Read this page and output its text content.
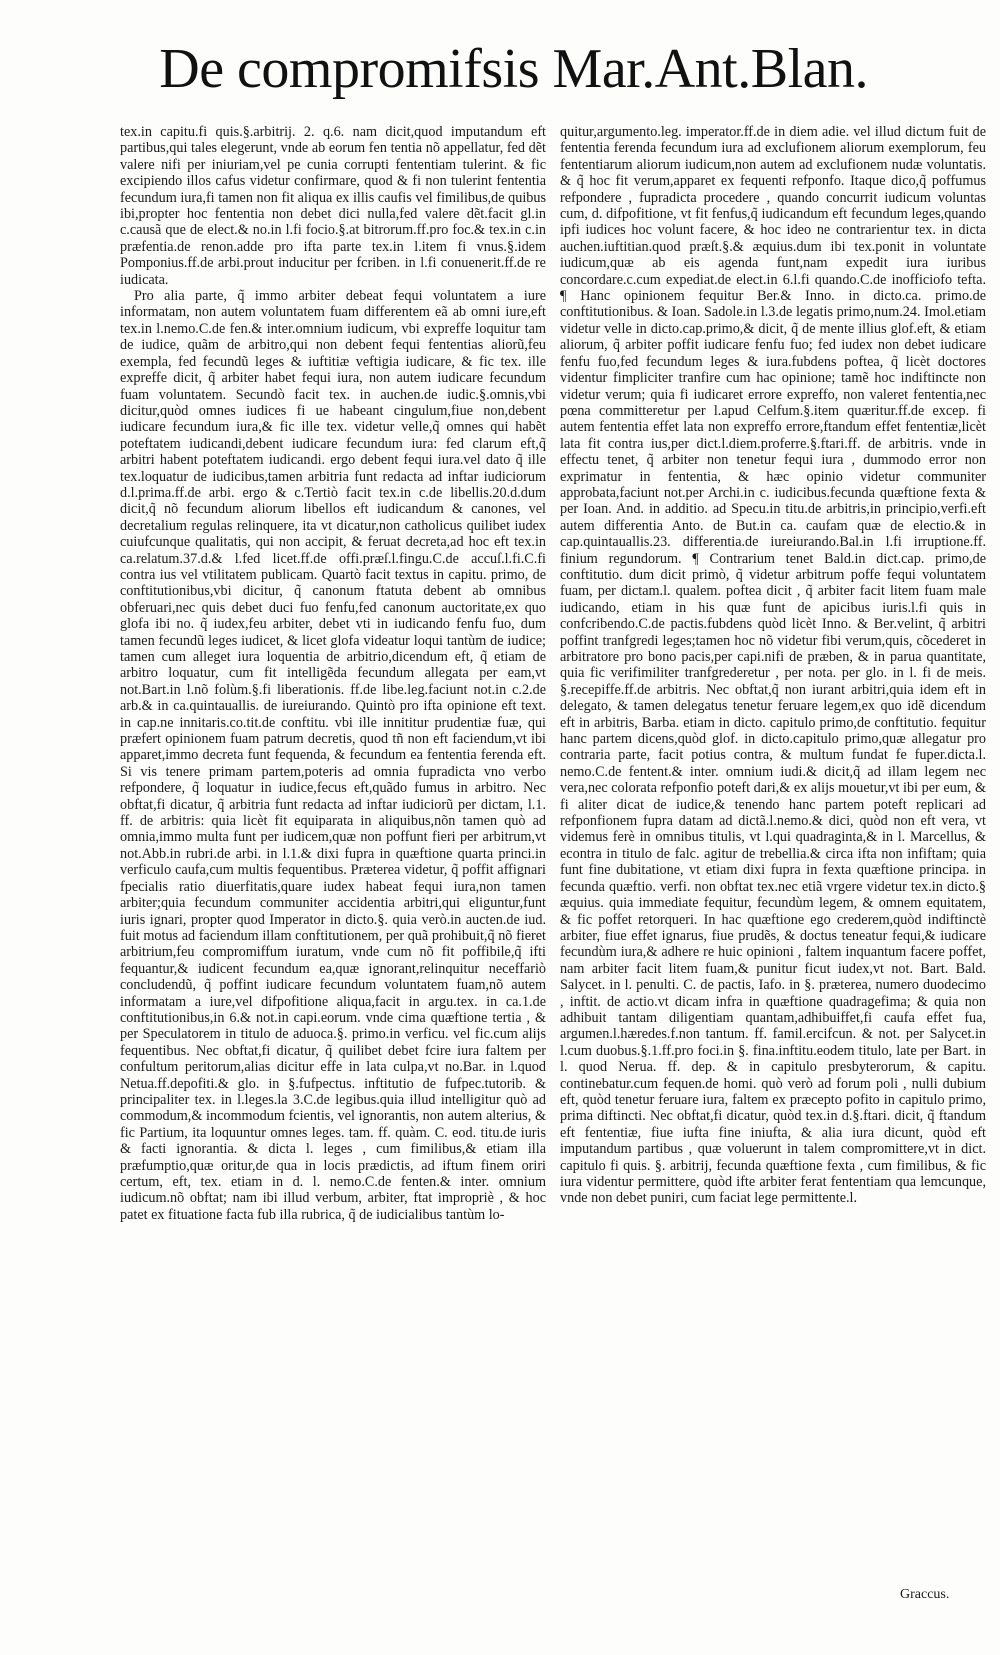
De compromifsis Mar.Ant.Blan.

tex.in capitu.fi quis.§.arbitrij. 2. q.6. nam dicit,quod imputandum eft partibus,qui tales elegerunt, vnde ab eorum fen tentia nõ appellatur, fed dẽt valere nifi per iniuriam,vel pe cunia corrupti fententiam tulerint. & fic excipiendo illos cafus videtur confirmare, quod & fi non tulerint fententia fecundum iura,fi tamen non fit aliqua ex illis caufis vel fimilibus,de quibus ibi,propter hoc fententia non debet dici nulla,fed valere dẽt.facit gl.in c.causã que de elect.& no.in l.fi focio.§.at bitrorum.ff.pro foc.& tex.in c.in præfentia.de renon.adde pro ifta parte tex.in l.item fi vnus.§.idem Pomponius.ff.de arbi.prout inducitur per fcriben. in l.fi conuenerit.ff.de re iudicata.

Pro alia parte, q̃ immo arbiter debeat fequi voluntatem a iure informatam, non autem voluntatem fuam differentem eã ab omni iure,eft tex.in l.nemo.C.de fen.& inter.omnium iudicum, vbi expreffe loquitur tam de iudice, quãm de arbitro,qui non debent fequi fententias aliorũ,feu exempla, fed fecundũ leges & iuftitiæ veftigia iudicare, & fic tex. ille expreffe dicit, q̃ arbiter habet fequi iura, non autem iudicare fecundum fuam voluntatem. Secundò facit tex. in auchen.de iudic.§.omnis,vbi dicitur,quòd omnes iudices fi ue habeant cingulum,fiue non,debent iudicare fecundum iura,& fic ille tex. videtur velle,q̃ omnes qui habẽt poteftatem iudicandi,debent iudicare fecundum iura: fed clarum eft,q̃ arbitri habent poteftatem iudicandi. ergo debent fequi iura.vel dato q̃ ille tex.loquatur de iudicibus,tamen arbitria funt redacta ad inftar iudiciorum d.l.prima.ff.de arbi. ergo & c.Tertiò facit tex.in c.de libellis.20.d.dum dicit,q̃ nõ fecundum aliorum libellos eft iudicandum & canones, vel decretalium regulas relinquere, ita vt dicatur,non catholicus quilibet iudex cuiufcunque qualitatis, qui non accipit, & feruat decreta,ad hoc eft tex.in ca.relatum.37.d.& l.fed licet.ff.de offi.præſ.l.fingu.C.de accuſ.l.fi.C.fi contra ius vel vtilitatem publicam. Quartò facit textus in capitu. primo, de conftitutionibus,vbi dicitur, q̃ canonum ftatuta debent ab omnibus obferuari,nec quis debet duci fuo fenfu,fed canonum auctoritate,ex quo glofa ibi no. q̃ iudex,feu arbiter, debet vti in iudicando fenfu fuo, dum tamen fecundũ leges iudicet, & licet glofa videatur loqui tantùm de iudice; tamen cum alleget iura loquentia de arbitrio,dicendum eft, q̃ etiam de arbitro loquatur, cum fit intelligẽda fecundum allegata per eam,vt not.Bart.in l.nõ folùm.§.fi liberationis. ff.de libe.leg.faciunt not.in c.2.de arb.& in ca.quintauallis. de iureiurando. Quintò pro ifta opinione eft text. in cap.ne innitaris.co.tit.de conftitu. vbi ille innititur prudentiæ fuæ, qui præfert opinionem fuam patrum decretis, quod tñ non eft faciendum,vt ibi apparet,immo decreta funt fequenda, & fecundum ea fententia ferenda eft. Si vis tenere primam partem,poteris ad omnia fupradicta vno verbo refpondere, q̃ loquatur in iudice,fecus eft,quãdo fumus in arbitro. Nec obftat,fi dicatur, q̃ arbitria funt redacta ad inftar iudiciorũ per dictam, l.1. ff. de arbitris: quia licèt fit equiparata in aliquibus,nõn tamen quò ad omnia,immo multa funt per iudicem,quæ non poffunt fieri per arbitrum,vt not.Abb.in rubri.de arbi. in l.1.& dixi fupra in quæftione quarta princi.in verficulo caufa,cum multis fequentibus. Præterea videtur, q̃ poffit affignari fpecialis ratio diuerfitatis,quare iudex habeat fequi iura,non tamen arbiter;quia fecundum communiter accidentia arbitri,qui eliguntur,funt iuris ignari, propter quod Imperator in dicto.§. quia verò.in aucten.de iud. fuit motus ad faciendum illam conftitutionem, per quã prohibuit,q̃ nõ fieret arbitrium,feu compromiffum iuratum, vnde cum nõ fit poffibile,q̃ ifti fequantur,& iudicent fecundum ea,quæ ignorant,relinquitur neceffariò concludendũ, q̃ poffint iudicare fecundum voluntatem fuam,nõ autem informatam a iure,vel difpofitione aliqua,facit in argu.tex. in ca.1.de conftitutionibus,in 6.& not.in capi.eorum. vnde cima quæftione tertia , & per Speculatorem in titulo de aduoca.§. primo.in verficu. vel fic.cum alijs fequentibus. Nec obftat,fi dicatur, q̃ quilibet debet fcire iura faltem per confultum peritorum,alias dicitur effe in lata culpa,vt no.Bar. in l.quod Netua.ff.depofiti.& glo. in §.fufpectus. inftitutio de fufpec.tutorib. & principaliter tex. in l.leges.la 3.C.de legibus.quia illud intelligitur quò ad commodum,& incommodum fcientis, vel ignorantis, non autem alterius, & fic Partium, ita loquuntur omnes leges. tam. ff. quàm. C. eod. titu.de iuris & facti ignorantia. & dicta l. leges , cum fimilibus,& etiam illa præfumptio,quæ oritur,de qua in locis prædictis, ad iftum finem oriri certum, eft, tex. etiam in d. l. nemo.C.de fenten.& inter. omnium iudicum.nõ obftat; nam ibi illud verbum, arbiter, ftat impropriè , & hoc patet ex fituatione facta fub illa rubrica, q̃ de iudicialibus tantùm lo-

quitur,argumento.leg. imperator.ff.de in diem adie. vel illud dictum fuit de fententia ferenda fecundum iura ad exclufionem aliorum exemplorum, feu fententiarum aliorum iudicum,non autem ad exclufionem nudæ voluntatis. & q̃ hoc fit verum,apparet ex fequenti refponfo. Itaque dico,q̃ poffumus refpondere , fupradicta procedere , quando concurrit iudicum voluntas cum, d. difpofitione, vt fit fenfus,q̃ iudicandum eft fecundum leges,quando ipfi iudices hoc volunt facere, & hoc ideo ne contrarientur tex. in dicta auchen.iuftitian.quod præſt.§.& æquius.dum ibi tex.ponit in voluntate iudicum,quæ ab eis agenda funt,nam expedit iura iuribus concordare.c.cum expediat.de elect.in 6.l.fi quando.C.de inofficiofo tefta. ¶ Hanc opinionem fequitur Ber.& Inno. in dicto.ca. primo.de conftitutionibus. & Ioan. Sadole.in l.3.de legatis primo,num.24. Imol.etiam videtur velle in dicto.cap.primo,& dicit, q̃ de mente illius glof.eft, & etiam aliorum, q̃ arbiter poffit iudicare fenfu fuo; fed iudex non debet iudicare fenfu fuo,fed fecundum leges & iura.fubdens poftea, q̃ licèt doctores videntur fimpliciter tranfire cum hac opinione; tamẽ hoc indiftincte non videtur verum; quia fi iudicaret errore expreffo, non valeret fententia,nec pœna committeretur per l.apud Celfum.§.item quæritur.ff.de excep. fi autem fententia effet lata non expreffo errore,ftandum effet fententiæ,licèt lata fit contra ius,per dict.l.diem.proferre.§.ftari.ff. de arbitris. vnde in effectu tenet, q̃ arbiter non tenetur fequi iura , dummodo error non exprimatur in fententia, & hæc opinio videtur communiter approbata,faciunt not.per Archi.in c. iudicibus.fecunda quæftione fexta & per Ioan. And. in additio. ad Specu.in titu.de arbitris,in principio,verfi.eft autem differentia Anto. de But.in ca. caufam quæ de electio.& in cap.quintauallis.23. differentia.de iureiurando.Bal.in l.fi irruptione.ff. finium regundorum. ¶ Contrarium tenet Bald.in dict.cap. primo,de conftitutio. dum dicit primò, q̃ videtur arbitrum poffe fequi voluntatem fuam, per dictam.l. qualem. poftea dicit , q̃ arbiter facit litem fuam male iudicando, etiam in his quæ funt de apicibus iuris.l.fi quis in confcribendo.C.de pactis.fubdens quòd licèt Inno. & Ber.velint, q̃ arbitri poffint tranfgredi leges;tamen hoc nõ videtur fibi verum,quis, cõcederet in arbitratore pro bono pacis,per capi.nifi de præben, & in parua quantitate, quia fic verifimiliter tranfgrederetur , per nota. per glo. in l. fi de meis. §.recepiffe.ff.de arbitris. Nec obftat,q̃ non iurant arbitri,quia idem eft in delegato, & tamen delegatus tenetur feruare legem,ex quo idẽ dicendum eft in arbitris, Barba. etiam in dicto. capitulo primo,de conftitutio. fequitur hanc partem dicens,quòd glof. in dicto.capitulo primo,quæ allegatur pro contraria parte, facit potius contra, & multum fundat fe fuper.dicta.l. nemo.C.de fentent.& inter. omnium iudi.& dicit,q̃ ad illam legem nec vera,nec colorata refponfio poteft dari,& ex alijs mouetur,vt ibi per eum, & fi aliter dicat de iudice,& tenendo hanc partem poteft replicari ad refponfionem fupra datam ad dictã.l.nemo.& dici, quòd non eft vera, vt videmus ferè in omnibus titulis, vt l.qui quadraginta,& in l. Marcellus, & econtra in titulo de falc. agitur de trebellia.& circa ifta non infiftam; quia funt fine dubitatione, vt etiam dixi fupra in fexta quæftione principa. in fecunda quæftio. verfi. non obftat tex.nec etiã vrgere videtur tex.in dicto.§ æquius. quia immediate fequitur, fecundùm legem, & omnem equitatem, & fic poffet retorqueri. In hac quæftione ego crederem,quòd indiftinctè arbiter, fiue effet ignarus, fiue prudẽs, & doctus teneatur fequi,& iudicare fecundùm iura,& adhere re huic opinioni , faltem inquantum facere poffet, nam arbiter facit litem fuam,& punitur ficut iudex,vt not. Bart. Bald. Salycet. in l. penulti. C. de pactis, Iafo. in §. præterea, numero duodecimo , inftit. de actio.vt dicam infra in quæftione quadragefima; & quia non adhibuit tantam diligentiam quantam,adhibuiffet,fi caufa effet fua, argumen.l.hæredes.f.non tantum. ff. famil.ercifcun. & not. per Salycet.in l.cum duobus.§.1.ff.pro foci.in §. fina.inftitu.eodem titulo, late per Bart. in l. quod Nerua. ff. dep. & in capitulo presbyterorum, & capitu. continebatur.cum fequen.de homi. quò verò ad forum poli , nulli dubium eft, quòd tenetur feruare iura, faltem ex præcepto pofito in capitulo primo, prima diftincti. Nec obftat,fi dicatur, quòd tex.in d.§.ftari. dicit, q̃ ftandum eft fententiæ, fiue iufta fine iniufta, & alia iura dicunt, quòd eft imputandum partibus , quæ voluerunt in talem compromittere,vt in dict. capitulo fi quis. §. arbitrij, fecunda quæftione fexta , cum fimilibus, & fic iura videntur permittere, quòd ifte arbiter ferat fententiam qua lemcunque, vnde non debet puniri, cum faciat lege permittente.l.

Graccus.
